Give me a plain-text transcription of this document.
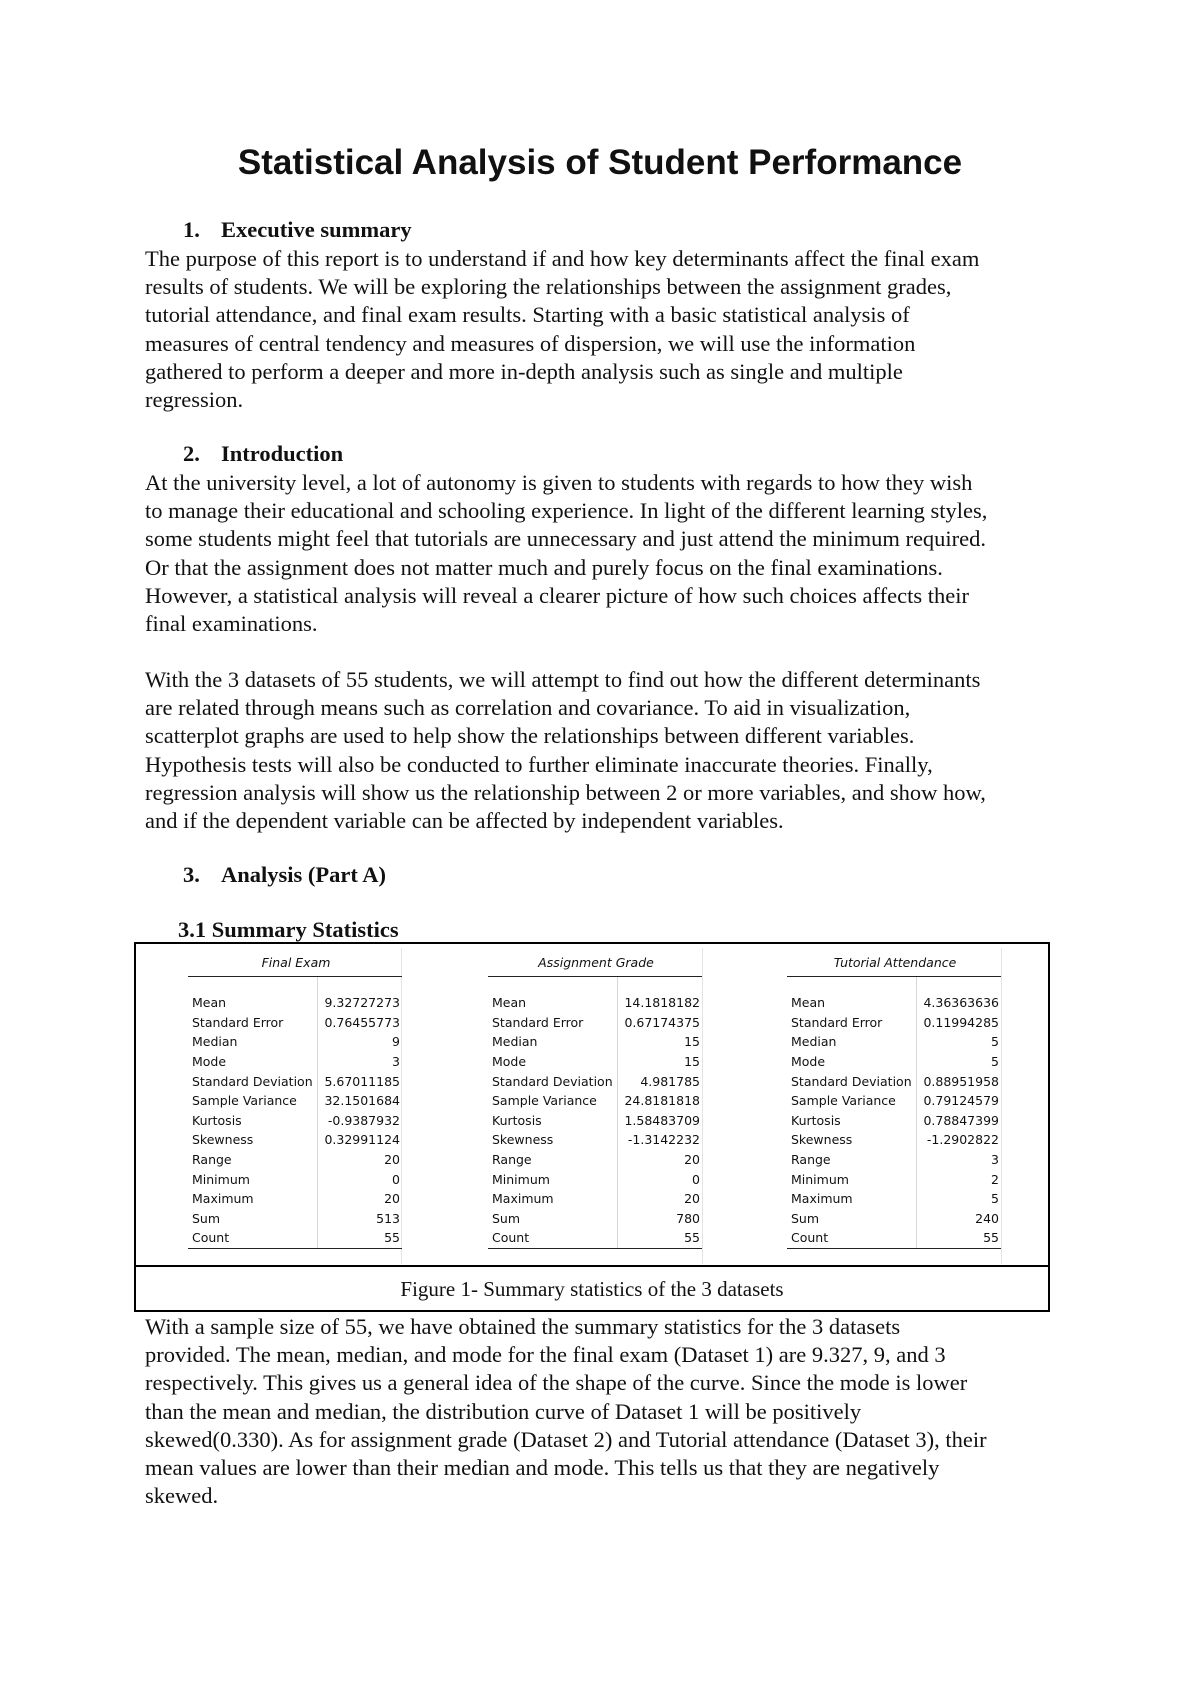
Statistical Analysis of Student Performance
1. Executive summary

The purpose of this report is to understand if and how key determinants affect the final exam
results of students. We will be exploring the relationships between the assignment grades,
tutorial attendance, and final exam results. Starting with a basic statistical analysis of
measures of central tendency and measures of dispersion, we will use the information
gathered to perform a deeper and more in-depth analysis such as single and multiple
regression.

2. Introduction

At the university level, a lot of autonomy is given to students with regards to how they wish
to manage their educational and schooling experience. In light of the different learning styles,
some students might feel that tutorials are unnecessary and just attend the minimum required.
Or that the assignment does not matter much and purely focus on the final examinations.
However, a statistical analysis will reveal a clearer picture of how such choices affects their
final examinations.

With the 3 datasets of 55 students, we will attempt to find out how the different determinants
are related through means such as correlation and covariance. To aid in visualization,
scatterplot graphs are used to help show the relationships between different variables.
Hypothesis tests will also be conducted to further eliminate inaccurate theories. Finally,
regression analysis will show us the relationship between 2 or more variables, and show how,
and if the dependent variable can be affected by independent variables.

3. Analysis (Part A)
3.1 Summary Statistics
Final Exam	

Mean	9.32727273
Standard Error	0.76455773
Median	9
Mode	3
Standard Deviation	5.67011185
Sample Variance	32.1501684
Kurtosis	-0.9387932
Skewness	0.32991124
Range	20
Minimum	0
Maximum	20
Sum	513
Count	55
Assignment Grade	

Mean	14.1818182
Standard Error	0.67174375
Median	15
Mode	15
Standard Deviation	4.981785
Sample Variance	24.8181818
Kurtosis	1.58483709
Skewness	-1.3142232
Range	20
Minimum	0
Maximum	20
Sum	780
Count	55
Tutorial Attendance	

Mean	4.36363636
Standard Error	0.11994285
Median	5
Mode	5
Standard Deviation	0.88951958
Sample Variance	0.79124579
Kurtosis	0.78847399
Skewness	-1.2902822
Range	3
Minimum	2
Maximum	5
Sum	240
Count	55
Figure 1- Summary statistics of the 3 datasets

With a sample size of 55, we have obtained the summary statistics for the 3 datasets
provided. The mean, median, and mode for the final exam (Dataset 1) are 9.327, 9, and 3
respectively. This gives us a general idea of the shape of the curve. Since the mode is lower
than the mean and median, the distribution curve of Dataset 1 will be positively
skewed(0.330). As for assignment grade (Dataset 2) and Tutorial attendance (Dataset 3), their
mean values are lower than their median and mode. This tells us that they are negatively
skewed.
